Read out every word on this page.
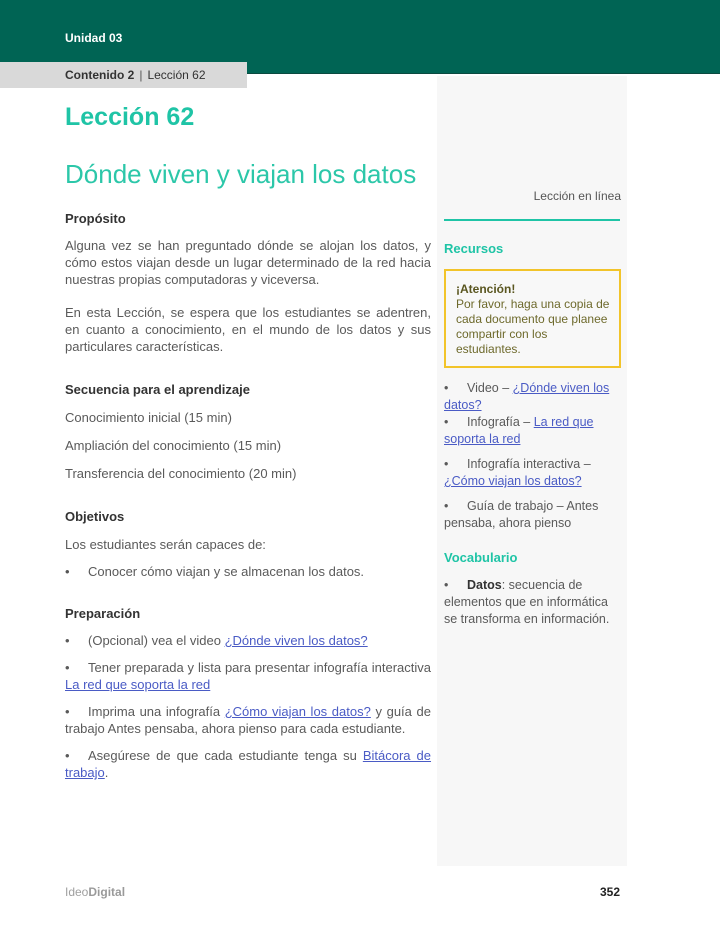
Unidad 03
Contenido 2 | Lección 62
Lección 62
Dónde viven y viajan los datos
Propósito

Alguna vez se han preguntado dónde se alojan los datos, y cómo estos viajan desde un lugar determinado de la red hacia nuestras propias computadoras y viceversa.

En esta Lección, se espera que los estudiantes se adentren, en cuanto a conocimiento, en el mundo de los datos y sus particulares características.

Secuencia para el aprendizaje
Conocimiento inicial (15 min)
Ampliación del conocimiento (15 min)
Transferencia del conocimiento (20 min)
Objetivos
Los estudiantes serán capaces de:
• Conocer cómo viajan y se almacenan los datos.
Preparación
• (Opcional) vea el video ¿Dónde viven los datos?
• Tener preparada y lista para presentar infografía interactiva La red que soporta la red
• Imprima una infografía ¿Cómo viajan los datos? y guía de trabajo Antes pensaba, ahora pienso para cada estudiante.
• Asegúrese de que cada estudiante tenga su Bitácora de trabajo.
Lección en línea
Recursos
¡Atención!
Por favor, haga una copia de cada documento que planee compartir con los estudiantes.
• Video – ¿Dónde viven los datos?
• Infografía – La red que soporta la red
• Infografía interactiva – ¿Cómo viajan los datos?
• Guía de trabajo – Antes pensaba, ahora pienso
Vocabulario
• Datos: secuencia de elementos que en informática se transforma en información.
IdeoDigital	352
